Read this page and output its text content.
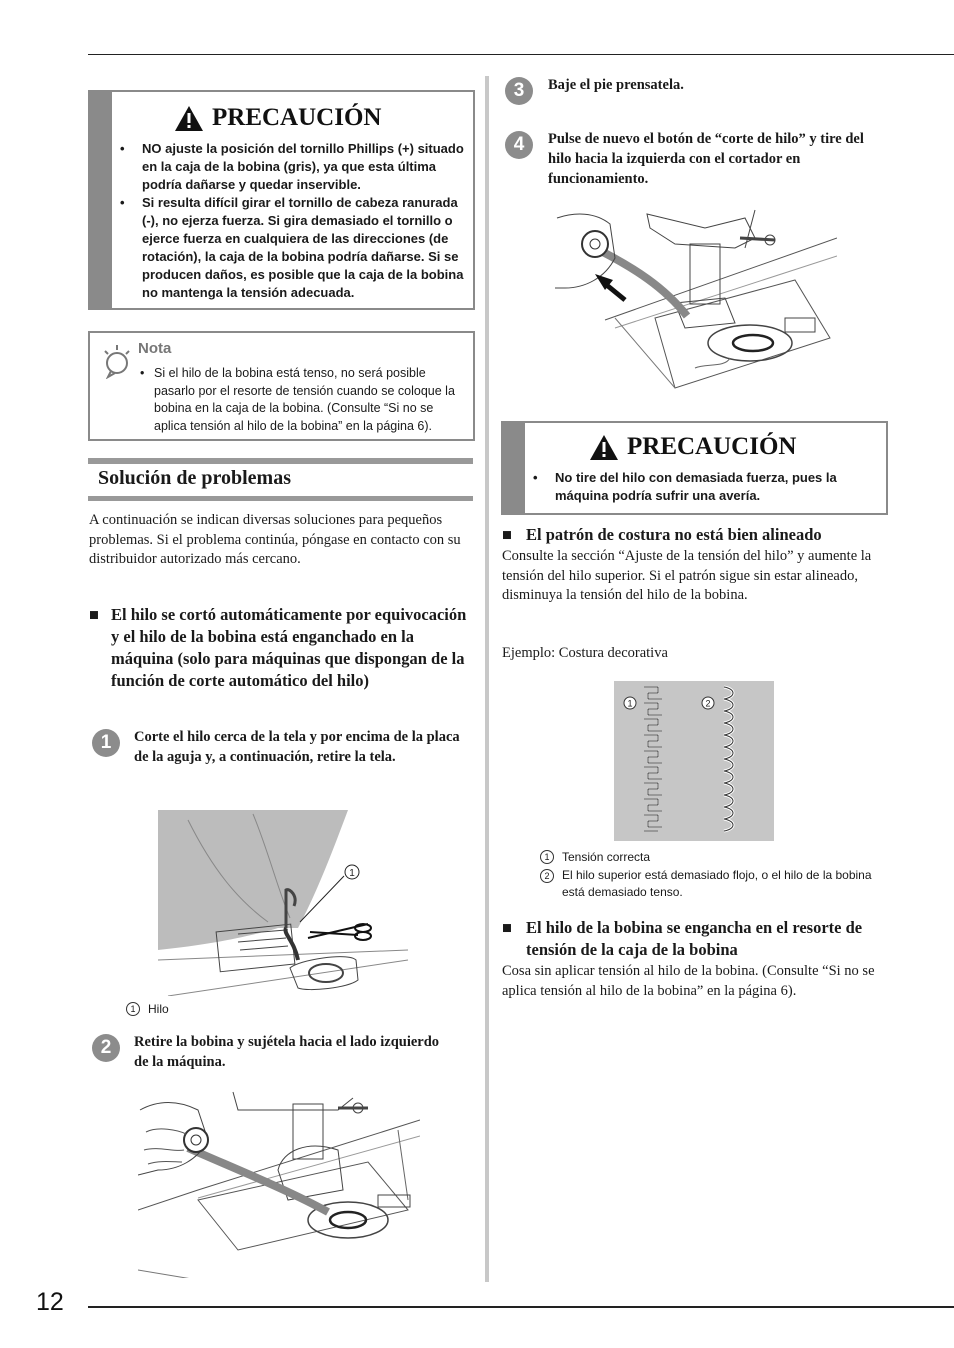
PRECAUCIÓN
• NO ajuste la posición del tornillo Phillips (+) situado en la caja de la bobina (gris), ya que esta última podría dañarse y quedar inservible.
• Si resulta difícil girar el tornillo de cabeza ranurada (-), no ejerza fuerza. Si gira demasiado el tornillo o ejerce fuerza en cualquiera de las direcciones (de rotación), la caja de la bobina podría dañarse. Si se producen daños, es posible que la caja de la bobina no mantenga la tensión adecuada.
Nota
• Si el hilo de la bobina está tenso, no será posible pasarlo por el resorte de tensión cuando se coloque la bobina en la caja de la bobina. (Consulte “Si no se aplica tensión al hilo de la bobina” en la página 6).
Solución de problemas
A continuación se indican diversas soluciones para pequeños problemas. Si el problema continúa, póngase en contacto con su distribuidor autorizado más cercano.
■ El hilo se cortó automáticamente por equivocación y el hilo de la bobina está enganchado en la máquina (solo para máquinas que dispongan de la función de corte automático del hilo)
1	Corte el hilo cerca de la tela y por encima de la placa de la aguja y, a continuación, retire la tela.
1
1 Hilo
2	Retire la bobina y sujétela hacia el lado izquierdo de la máquina.
3	Baje el pie prensatela.
4	Pulse de nuevo el botón de “corte de hilo” y tire del hilo hacia la izquierda con el cortador en funcionamiento.
PRECAUCIÓN
• No tire del hilo con demasiada fuerza, pues la máquina podría sufrir una avería.
■ El patrón de costura no está bien alineado
Consulte la sección “Ajuste de la tensión del hilo” y aumente la tensión del hilo superior. Si el patrón sigue sin estar alineado, disminuya la tensión del hilo de la bobina.
Ejemplo: Costura decorativa
1	2
1 Tensión correcta
2	El hilo superior está demasiado flojo, o el hilo de la bobina está demasiado tenso.
■ El hilo de la bobina se engancha en el resorte de tensión de la caja de la bobina
Cosa sin aplicar tensión al hilo de la bobina. (Consulte “Si no se aplica tensión al hilo de la bobina” en la página 6).
12
